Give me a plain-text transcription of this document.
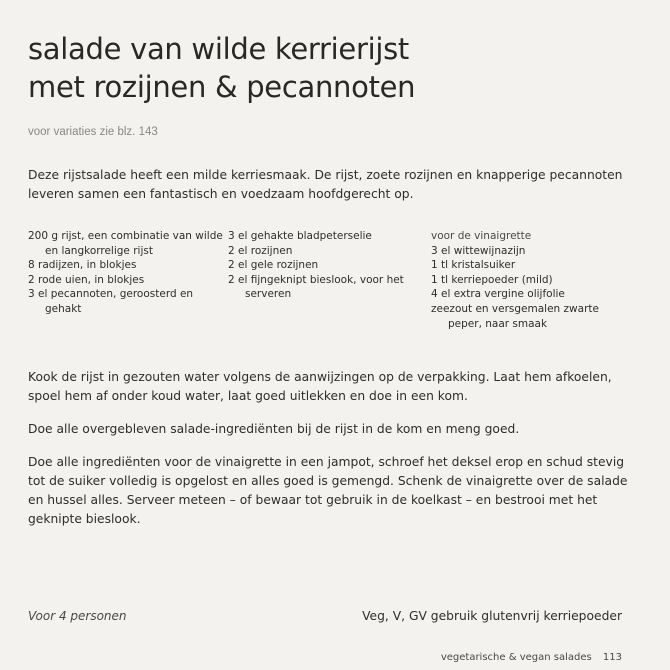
salade van wilde kerrierijst
met rozijnen & pecannoten
voor variaties zie blz. 143
Deze rijstsalade heeft een milde kerriesmaak. De rijst, zoete rozijnen en knapperige pecannoten leveren samen een fantastisch en voedzaam hoofdgerecht op.
200 g rijst, een combinatie van wilde en langkorrelige rijst
8 radijzen, in blokjes
2 rode uien, in blokjes
3 el pecannoten, geroosterd en gehakt
3 el gehakte bladpeterselie
2 el rozijnen
2 el gele rozijnen
2 el fijngeknipt bieslook, voor het serveren
voor de vinaigrette
3 el wittewijnazijn
1 tl kristalsuiker
1 tl kerriepoeder (mild)
4 el extra vergine olijfolie
zeezout en versgemalen zwarte peper, naar smaak

Kook de rijst in gezouten water volgens de aanwijzingen op de verpakking. Laat hem afkoelen, spoel hem af onder koud water, laat goed uitlekken en doe in een kom.

Doe alle overgebleven salade-ingrediënten bij de rijst in de kom en meng goed.

Doe alle ingrediënten voor de vinaigrette in een jampot, schroef het deksel erop en schud stevig tot de suiker volledig is opgelost en alles goed is gemengd. Schenk de vinaigrette over de salade en hussel alles. Serveer meteen – of bewaar tot gebruik in de koelkast – en bestrooi met het geknipte bieslook.

Voor 4 personen	Veg, V, GV gebruik glutenvrij kerriepoeder
vegetarische & vegan salades 113
